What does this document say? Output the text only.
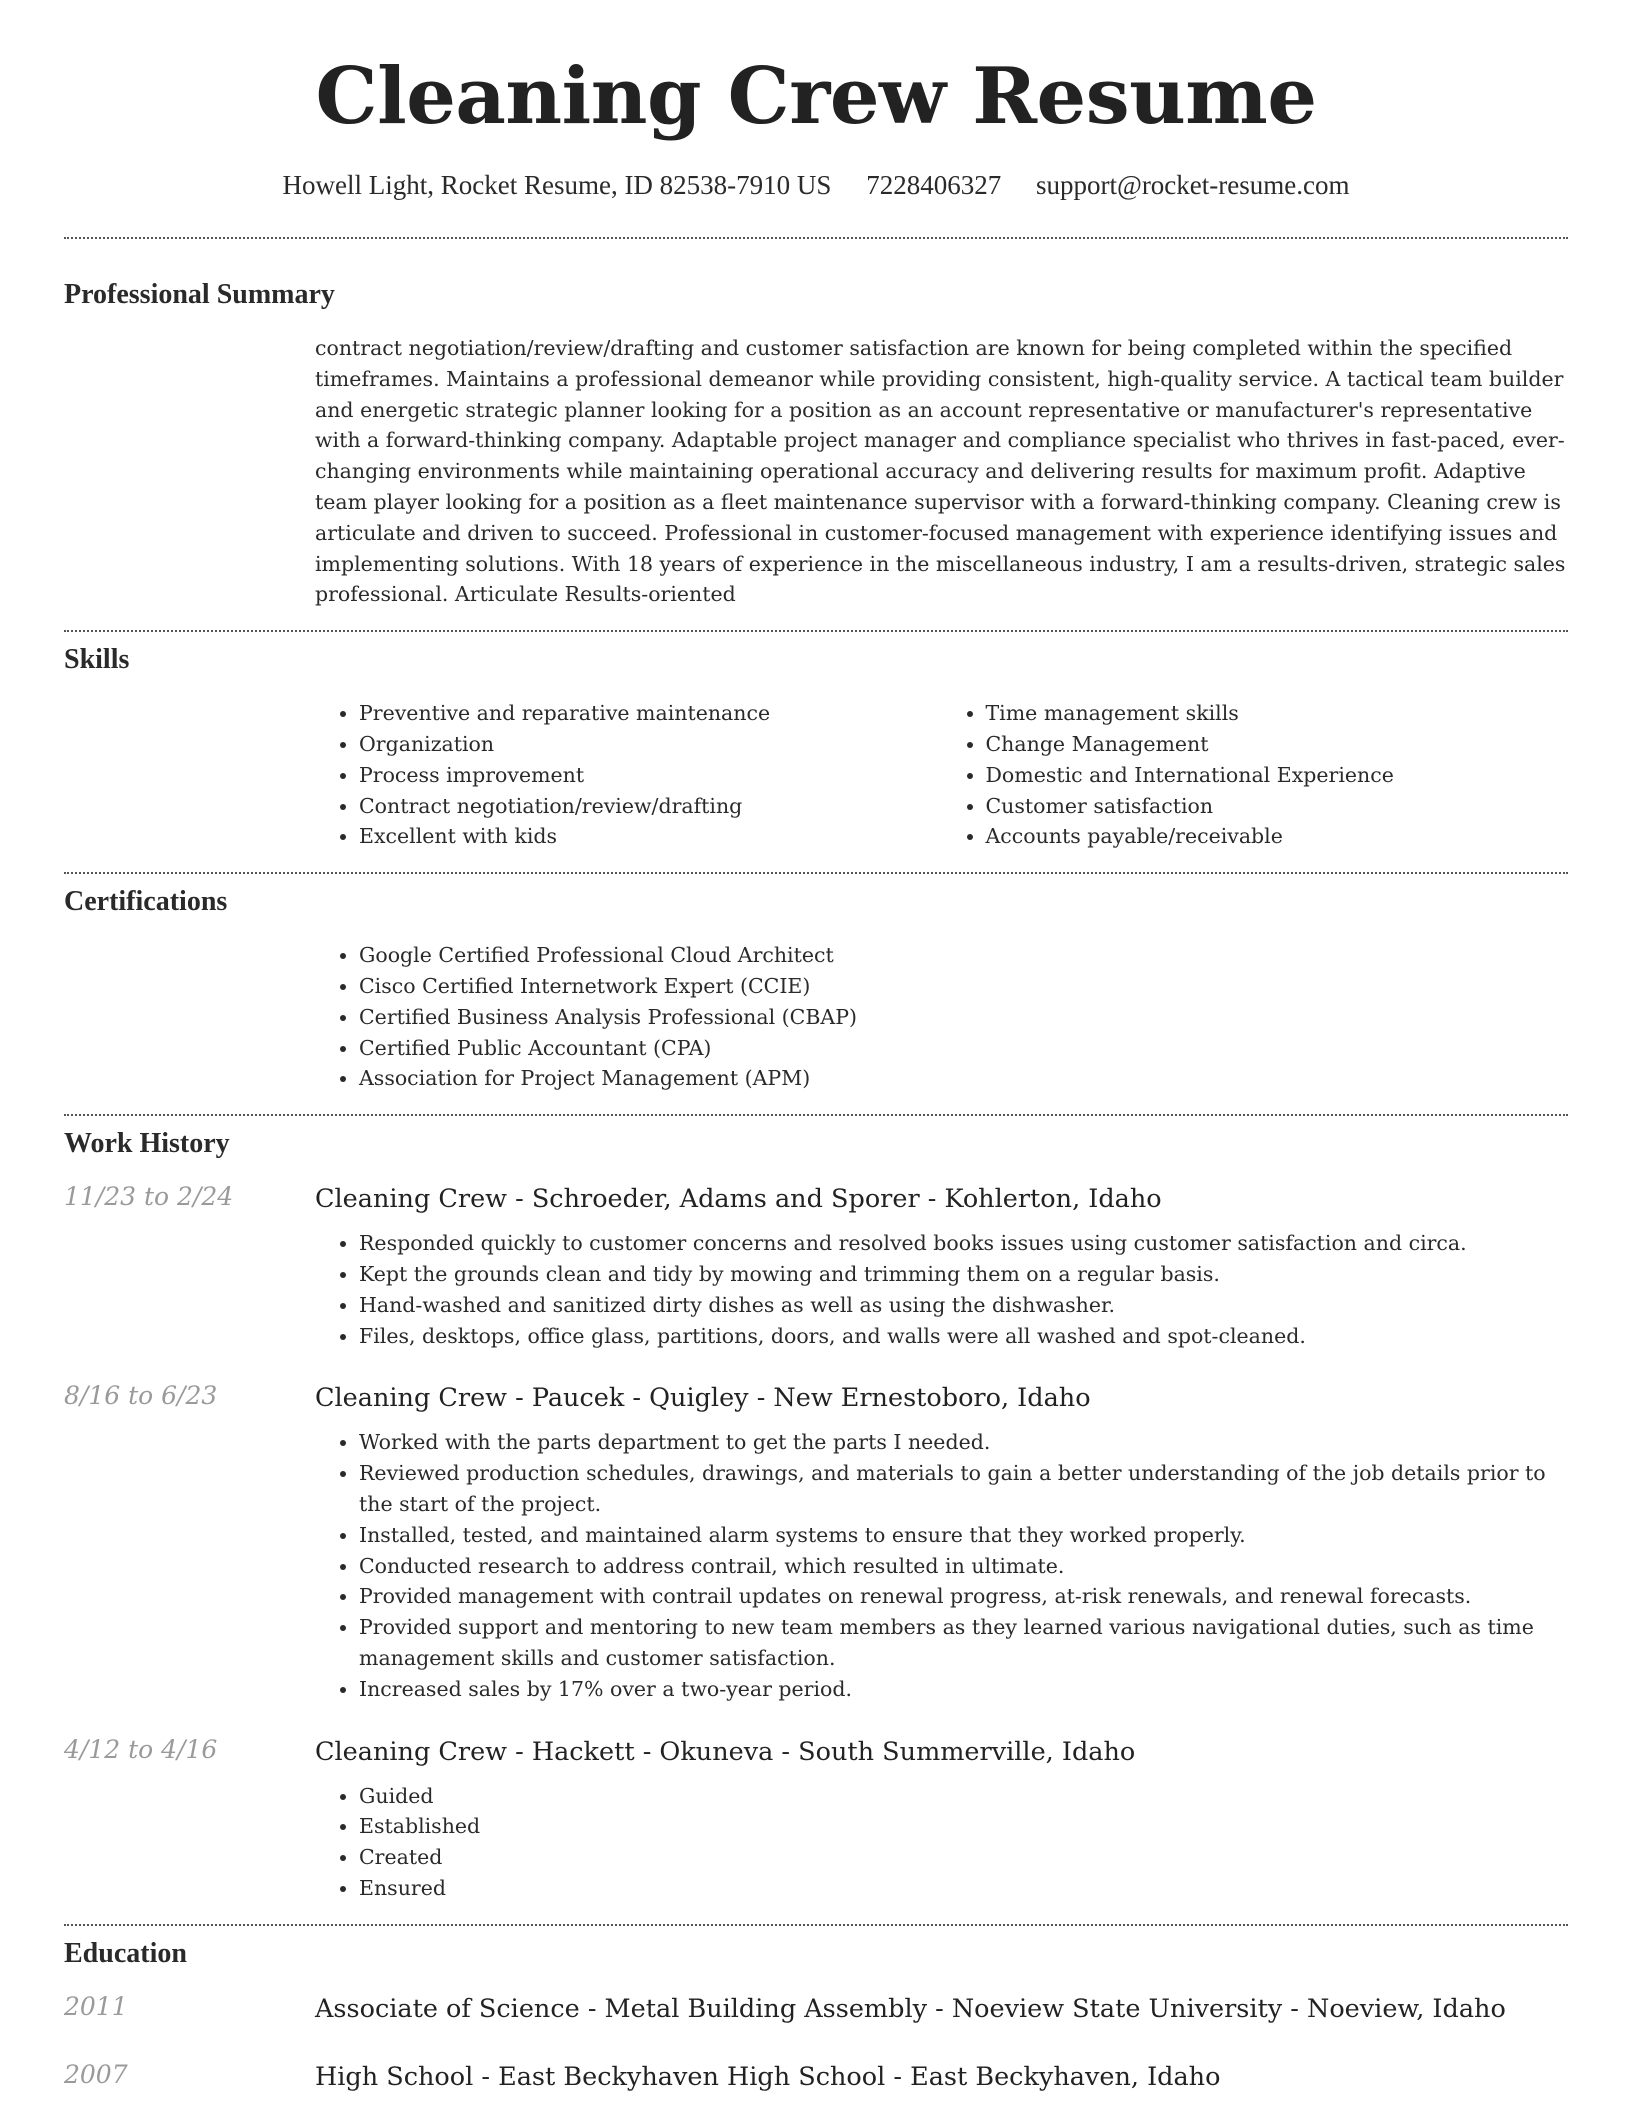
Cleaning Crew Resume
Howell Light, Rocket Resume, ID 82538-7910 US 7228406327 support@rocket-resume.com
Professional Summary
contract negotiation/review/drafting and customer satisfaction are known for being completed within the specified timeframes. Maintains a professional demeanor while providing consistent, high-quality service. A tactical team builder and energetic strategic planner looking for a position as an account representative or manufacturer's representative with a forward-thinking company. Adaptable project manager and compliance specialist who thrives in fast-paced, ever-changing environments while maintaining operational accuracy and delivering results for maximum profit. Adaptive team player looking for a position as a fleet maintenance supervisor with a forward-thinking company. Cleaning crew is articulate and driven to succeed. Professional in customer-focused management with experience identifying issues and implementing solutions. With 18 years of experience in the miscellaneous industry, I am a results-driven, strategic sales professional. Articulate Results-oriented
Skills
• Preventive and reparative maintenance
• Organization
• Process improvement
• Contract negotiation/review/drafting
• Excellent with kids
• Time management skills
• Change Management
• Domestic and International Experience
• Customer satisfaction
• Accounts payable/receivable
Certifications
• Google Certified Professional Cloud Architect
• Cisco Certified Internetwork Expert (CCIE)
• Certified Business Analysis Professional (CBAP)
• Certified Public Accountant (CPA)
• Association for Project Management (APM)
Work History
11/23 to 2/24	Cleaning Crew - Schroeder, Adams and Sporer - Kohlerton, Idaho
• Responded quickly to customer concerns and resolved books issues using customer satisfaction and circa.
• Kept the grounds clean and tidy by mowing and trimming them on a regular basis.
• Hand-washed and sanitized dirty dishes as well as using the dishwasher.
• Files, desktops, office glass, partitions, doors, and walls were all washed and spot-cleaned.
8/16 to 6/23	Cleaning Crew - Paucek - Quigley - New Ernestoboro, Idaho
• Worked with the parts department to get the parts I needed.
• Reviewed production schedules, drawings, and materials to gain a better understanding of the job details prior to the start of the project.
• Installed, tested, and maintained alarm systems to ensure that they worked properly.
• Conducted research to address contrail, which resulted in ultimate.
• Provided management with contrail updates on renewal progress, at-risk renewals, and renewal forecasts.
• Provided support and mentoring to new team members as they learned various navigational duties, such as time management skills and customer satisfaction.
• Increased sales by 17% over a two-year period.
4/12 to 4/16	Cleaning Crew - Hackett - Okuneva - South Summerville, Idaho
• Guided
• Established
• Created
• Ensured
Education
2011	Associate of Science - Metal Building Assembly - Noeview State University - Noeview, Idaho
2007	High School - East Beckyhaven High School - East Beckyhaven, Idaho
